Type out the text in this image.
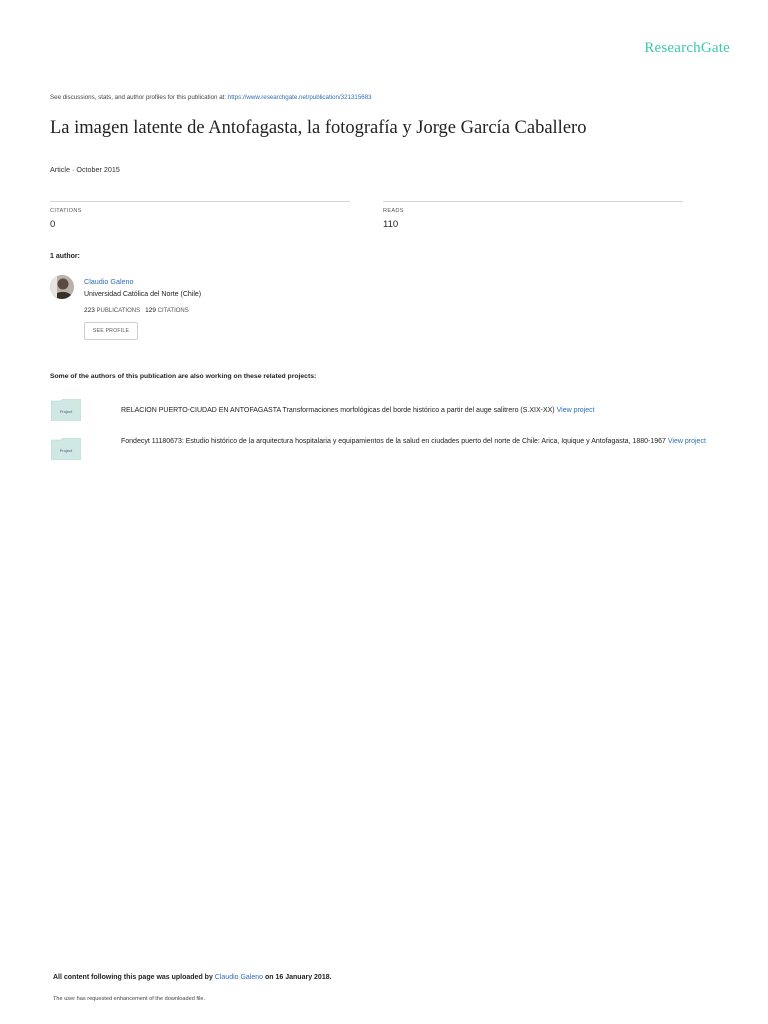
ResearchGate
See discussions, stats, and author profiles for this publication at: https://www.researchgate.net/publication/321315683
La imagen latente de Antofagasta, la fotografía y Jorge García Caballero
Article · October 2015
CITATIONS
0
READS
110
1 author:
Claudio Galeno
Universidad Católica del Norte (Chile)
223 PUBLICATIONS 129 CITATIONS
SEE PROFILE
Some of the authors of this publication are also working on these related projects:
Project	RELACION PUERTO-CIUDAD EN ANTOFAGASTA Transformaciones morfológicas del borde histórico a partir del auge salitrero (S.XIX-XX) View project
Project
Fondecyt 11180673: Estudio histórico de la arquitectura hospitalaria y equipamientos de la salud en ciudades puerto del norte de Chile: Arica, Iquique y Antofagasta, 1880-1967 View project
All content following this page was uploaded by Claudio Galeno on 16 January 2018.
The user has requested enhancement of the downloaded file.
